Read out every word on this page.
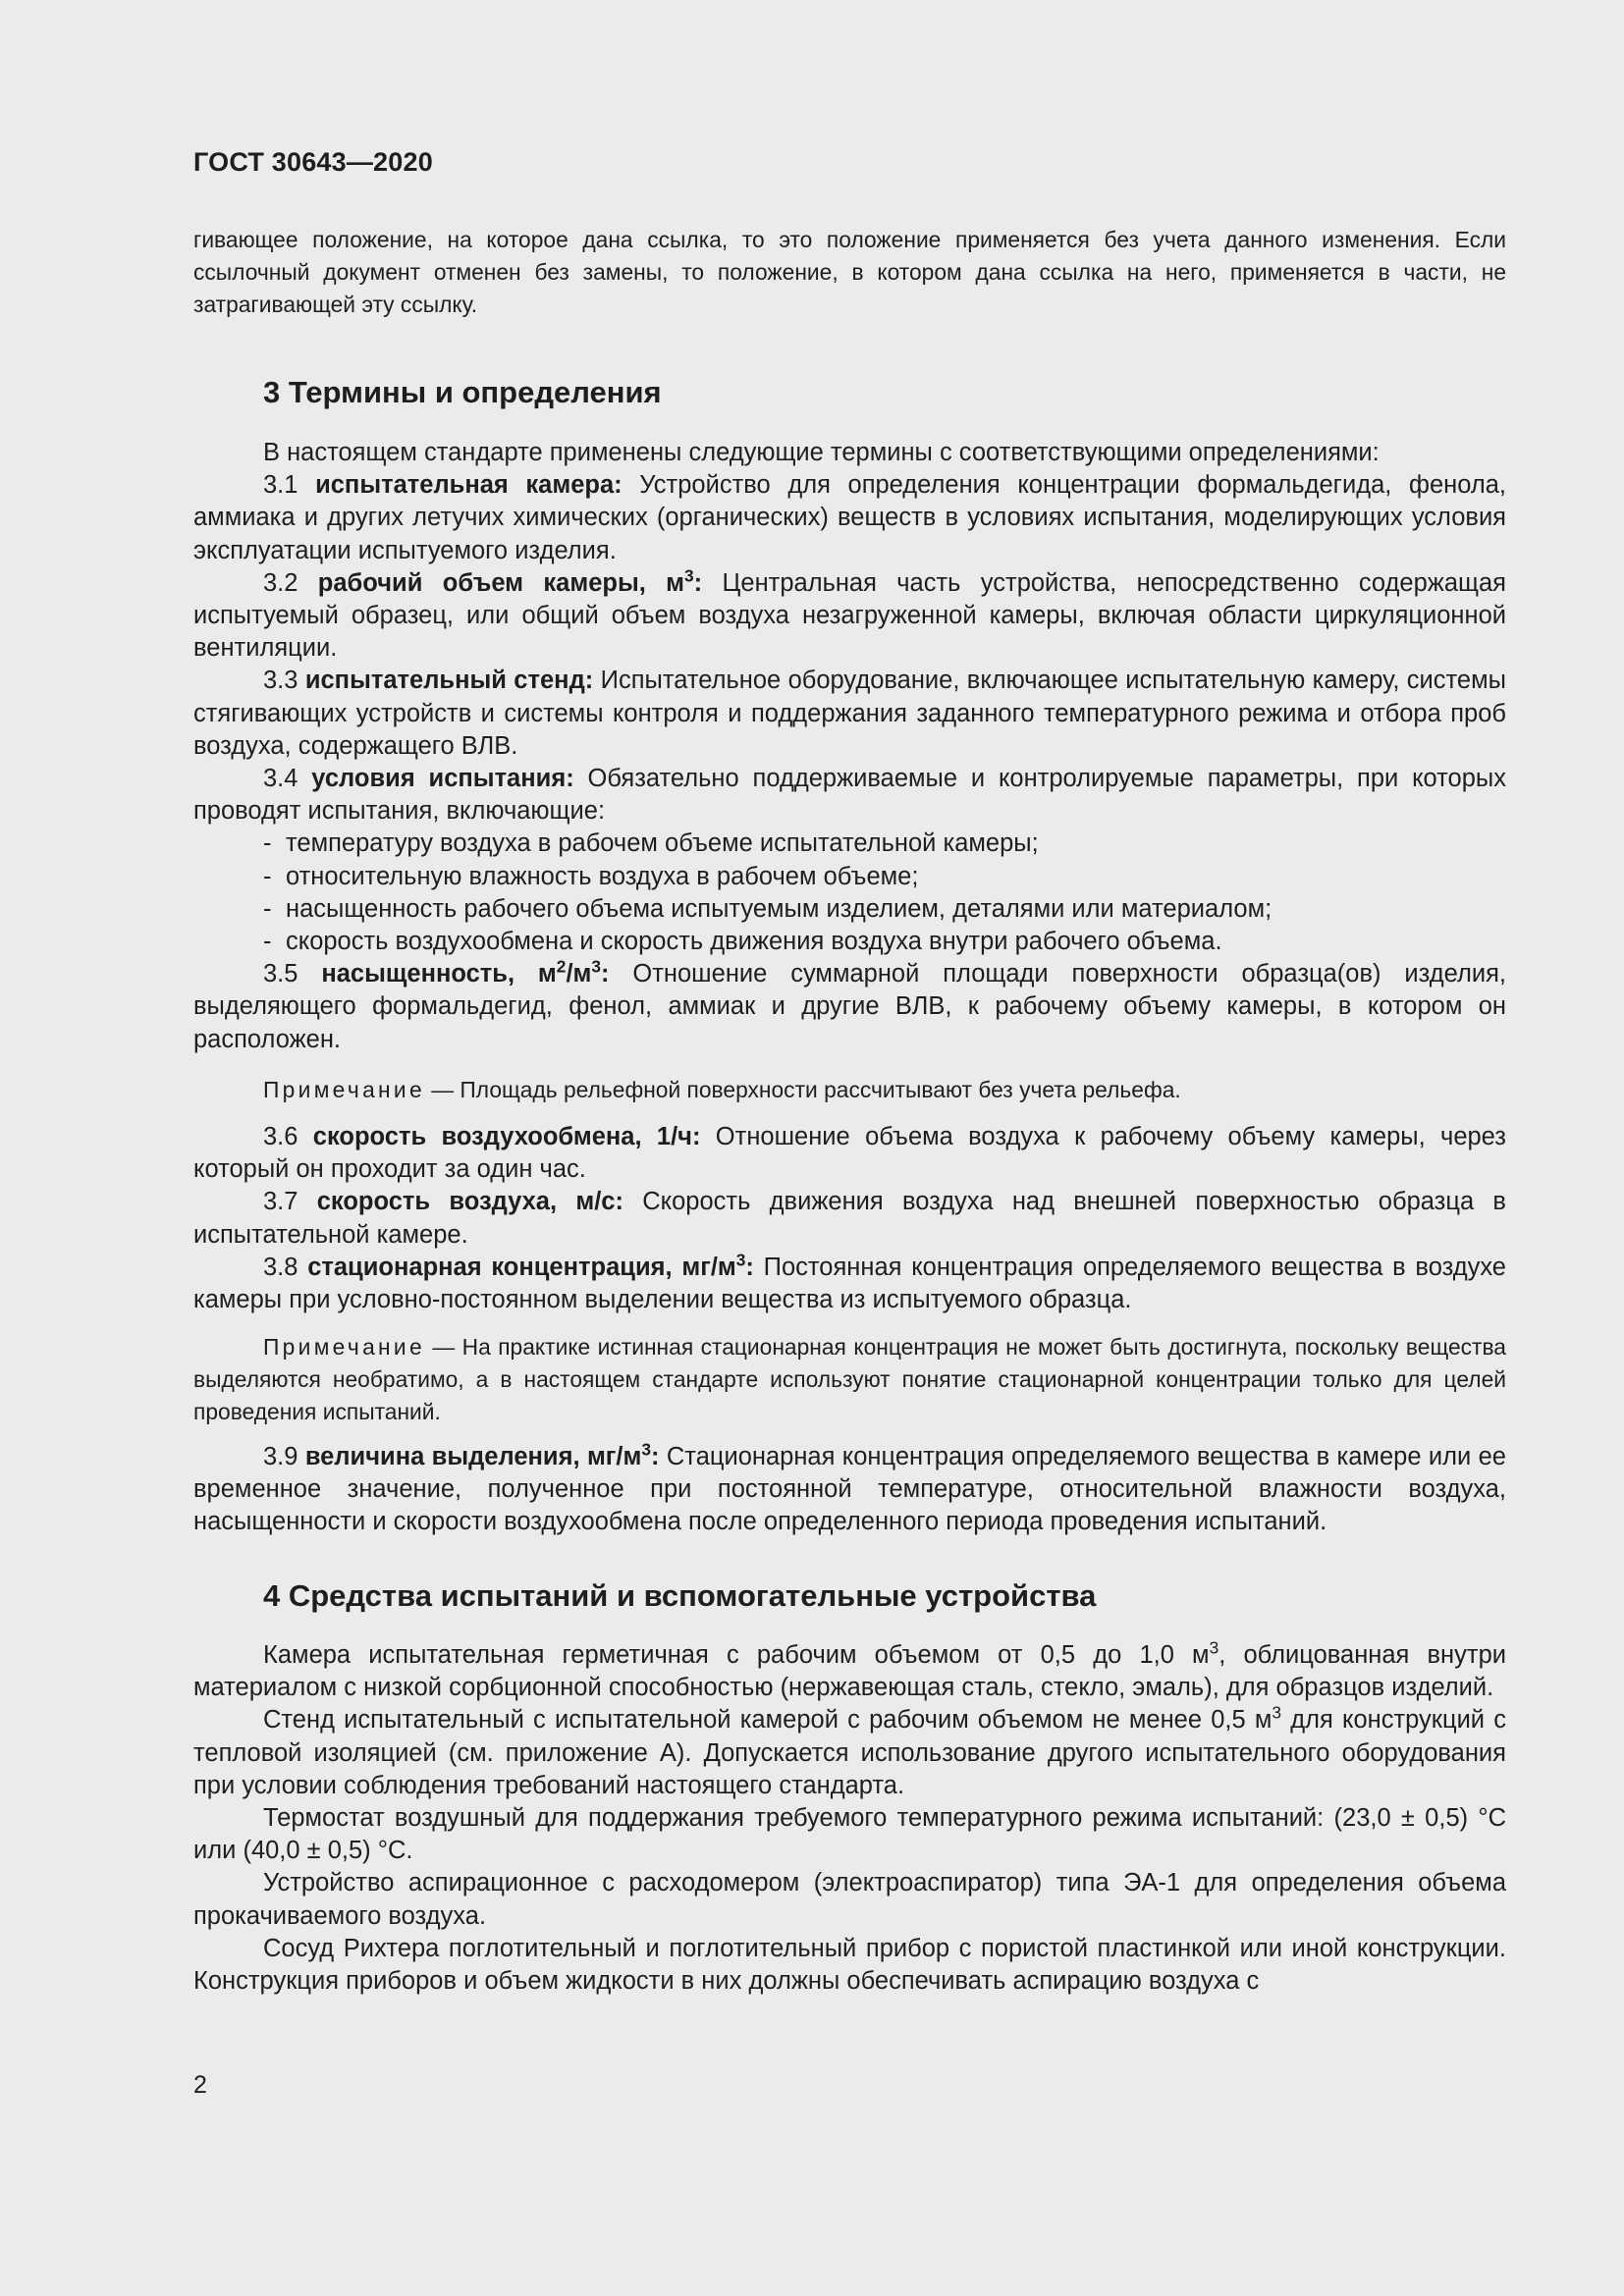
ГОСТ 30643—2020
гивающее положение, на которое дана ссылка, то это положение применяется без учета данного изменения. Если ссылочный документ отменен без замены, то положение, в котором дана ссылка на него, применяется в части, не затрагивающей эту ссылку.
3 Термины и определения
В настоящем стандарте применены следующие термины с соответствующими определениями:
3.1 испытательная камера: Устройство для определения концентрации формальдегида, фенола, аммиака и других летучих химических (органических) веществ в условиях испытания, моделирующих условия эксплуатации испытуемого изделия.
3.2 рабочий объем камеры, $м^3$: Центральная часть устройства, непосредственно содержащая испытуемый образец, или общий объем воздуха незагруженной камеры, включая области циркуляционной вентиляции.
3.3 испытательный стенд: Испытательное оборудование, включающее испытательную камеру, системы стягивающих устройств и системы контроля и поддержания заданного температурного режима и отбора проб воздуха, содержащего ВЛВ.
3.4 условия испытания: Обязательно поддерживаемые и контролируемые параметры, при которых проводят испытания, включающие:
- температуру воздуха в рабочем объеме испытательной камеры;
- относительную влажность воздуха в рабочем объеме;
- насыщенность рабочего объема испытуемым изделием, деталями или материалом;
- скорость воздухообмена и скорость движения воздуха внутри рабочего объема.
3.5 насыщенность, $м^2/м^3$: Отношение суммарной площади поверхности образца(ов) изделия, выделяющего формальдегид, фенол, аммиак и другие ВЛВ, к рабочему объему камеры, в котором он расположен.
Примечание — Площадь рельефной поверхности рассчитывают без учета рельефа.
3.6 скорость воздухообмена, 1/ч: Отношение объема воздуха к рабочему объему камеры, через который он проходит за один час.
3.7 скорость воздуха, м/с: Скорость движения воздуха над внешней поверхностью образца в испытательной камере.
3.8 стационарная концентрация, $мг/м^3$: Постоянная концентрация определяемого вещества в воздухе камеры при условно-постоянном выделении вещества из испытуемого образца.
Примечание — На практике истинная стационарная концентрация не может быть достигнута, поскольку вещества выделяются необратимо, а в настоящем стандарте используют понятие стационарной концентрации только для целей проведения испытаний.
3.9 величина выделения, $мг/м^3$: Стационарная концентрация определяемого вещества в камере или ее временное значение, полученное при постоянной температуре, относительной влажности воздуха, насыщенности и скорости воздухообмена после определенного периода проведения испытаний.
4 Средства испытаний и вспомогательные устройства
Камера испытательная герметичная с рабочим объемом от 0,5 до 1,0 $м^3$, облицованная внутри материалом с низкой сорбционной способностью (нержавеющая сталь, стекло, эмаль), для образцов изделий.
Стенд испытательный с испытательной камерой с рабочим объемом не менее 0,5 $м^3$ для конструкций с тепловой изоляцией (см. приложение А). Допускается использование другого испытательного оборудования при условии соблюдения требований настоящего стандарта.
Термостат воздушный для поддержания требуемого температурного режима испытаний: (23,0 ± 0,5) °С или (40,0 ± 0,5) °С.
Устройство аспирационное с расходомером (электроаспиратор) типа ЭА-1 для определения объема прокачиваемого воздуха.
Сосуд Рихтера поглотительный и поглотительный прибор с пористой пластинкой или иной конструкции. Конструкция приборов и объем жидкости в них должны обеспечивать аспирацию воздуха с
2
